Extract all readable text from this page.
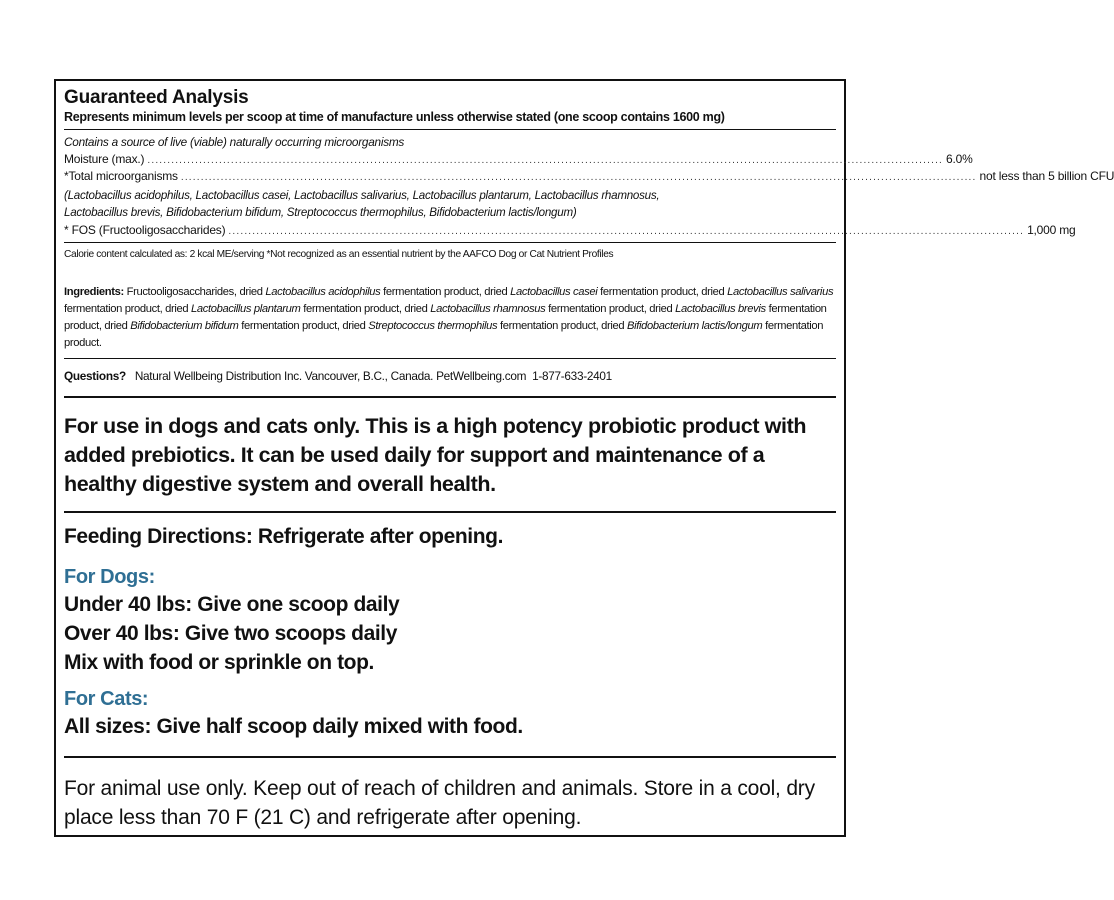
Guaranteed Analysis
Represents minimum levels per scoop at time of manufacture unless otherwise stated (one scoop contains 1600 mg)
Contains a source of live (viable) naturally occurring microorganisms
Moisture (max.) ........................................................................................................................................................................................................ 6.0%
*Total microorganisms ........................................................................................................................................................................................................ not less than 5 billion CFU
(Lactobacillus acidophilus, Lactobacillus casei, Lactobacillus salivarius, Lactobacillus plantarum, Lactobacillus rhamnosus,
Lactobacillus brevis, Bifidobacterium bifidum, Streptococcus thermophilus, Bifidobacterium lactis/longum)
* FOS (Fructooligosaccharides) ........................................................................................................................................................................................................ 1,000 mg
Calorie content calculated as: 2 kcal ME/serving *Not recognized as an essential nutrient by the AAFCO Dog or Cat Nutrient Profiles
Ingredients: Fructooligosaccharides, dried Lactobacillus acidophilus fermentation product, dried Lactobacillus casei fermentation product, dried Lactobacillus salivarius fermentation product, dried Lactobacillus plantarum fermentation product, dried Lactobacillus rhamnosus fermentation product, dried Lactobacillus brevis fermentation product, dried Bifidobacterium bifidum fermentation product, dried Streptococcus thermophilus fermentation product, dried Bifidobacterium lactis/longum fermentation product.
Questions? Natural Wellbeing Distribution Inc. Vancouver, B.C., Canada. PetWellbeing.com 1-877-633-2401
For use in dogs and cats only. This is a high potency probiotic product with added prebiotics. It can be used daily for support and maintenance of a healthy digestive system and overall health.
Feeding Directions: Refrigerate after opening.
For Dogs:
Under 40 lbs: Give one scoop daily
Over 40 lbs: Give two scoops daily
Mix with food or sprinkle on top.
For Cats:
All sizes: Give half scoop daily mixed with food.
For animal use only. Keep out of reach of children and animals. Store in a cool, dry place less than 70 F (21 C) and refrigerate after opening.
